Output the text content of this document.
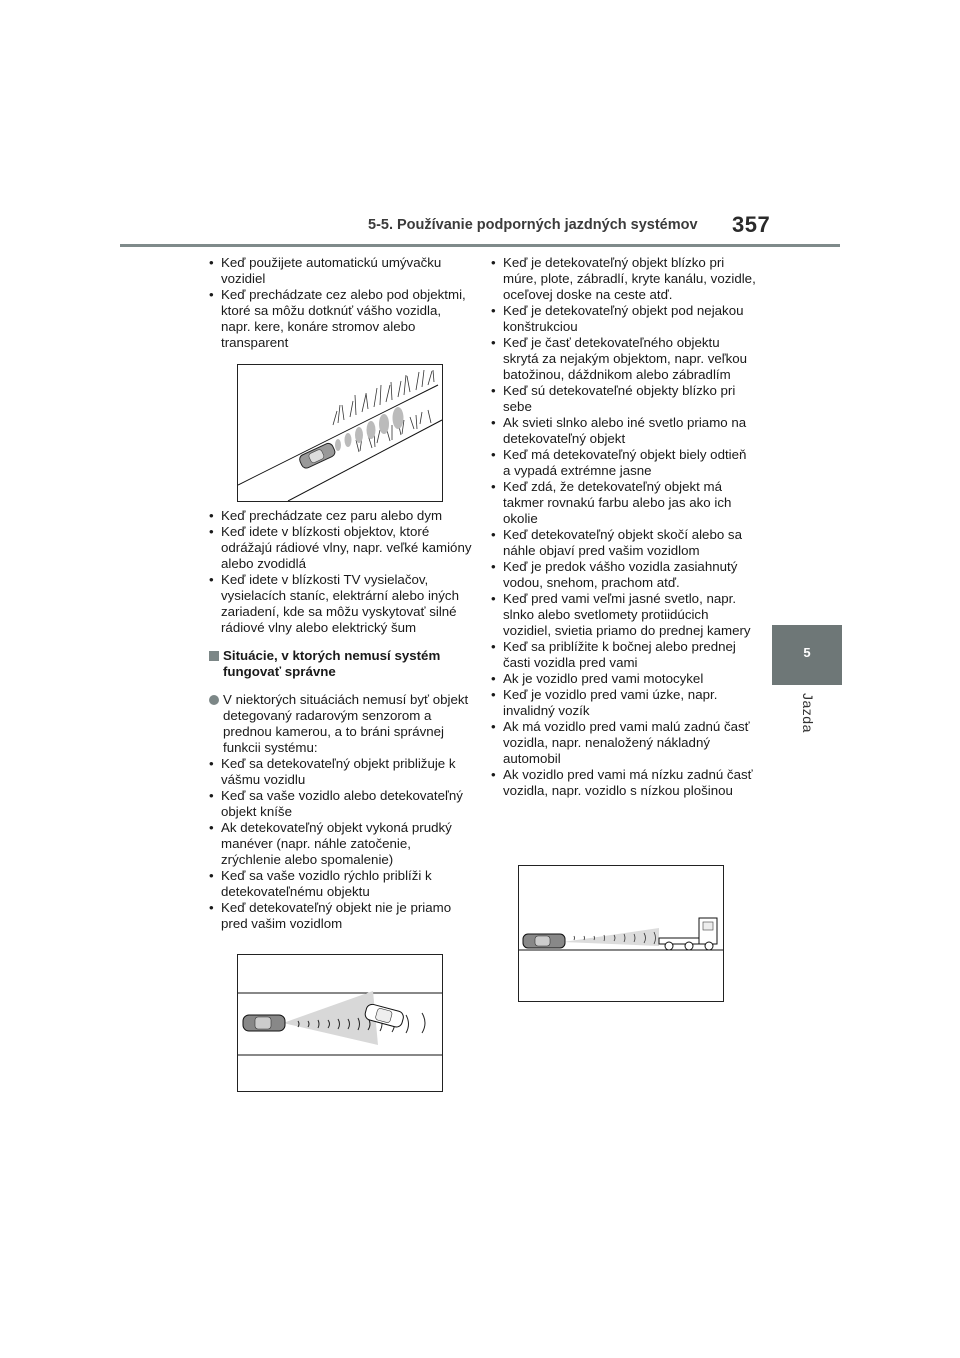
5-5. Používanie podporných jazdných systémov 357
5
Jazda
• Keď použijete automatickú umývačku vozidiel
• Keď prechádzate cez alebo pod objektmi, ktoré sa môžu dotknúť vášho vozidla, napr. kere, konáre stromov alebo transparent
• Keď prechádzate cez paru alebo dym
• Keď idete v blízkosti objektov, ktoré odrážajú rádiové vlny, napr. veľké kamióny alebo zvodidlá
• Keď idete v blízkosti TV vysielačov, vysielacích staníc, elektrární alebo iných zariadení, kde sa môžu vyskytovať silné rádiové vlny alebo elektrický šum
Situácie, v ktorých nemusí systém fungovať správne
V niektorých situáciách nemusí byť objekt detegovaný radarovým senzorom a prednou kamerou, a to bráni správnej funkcii systému:
• Keď sa detekovateľný objekt približuje k vášmu vozidlu
• Keď sa vaše vozidlo alebo detekovateľný objekt kníše
• Ak detekovateľný objekt vykoná prudký manéver (napr. náhle zatočenie, zrýchlenie alebo spomalenie)
• Keď sa vaše vozidlo rýchlo priblíži k detekovateľnému objektu
• Keď detekovateľný objekt nie je priamo pred vašim vozidlom
• Keď je detekovateľný objekt blízko pri múre, plote, zábradlí, kryte kanálu, vozidle, oceľovej doske na ceste atď.
• Keď je detekovateľný objekt pod nejakou konštrukciou
• Keď je časť detekovateľného objektu skrytá za nejakým objektom, napr. veľkou batožinou, dáždnikom alebo zábradlím
• Keď sú detekovateľné objekty blízko pri sebe
• Ak svieti slnko alebo iné svetlo priamo na detekovateľný objekt
• Keď má detekovateľný objekt biely odtieň a vypadá extrémne jasne
• Keď zdá, že detekovateľný objekt má takmer rovnakú farbu alebo jas ako ich okolie
• Keď detekovateľný objekt skočí alebo sa náhle objaví pred vašim vozidlom
• Keď je predok vášho vozidla zasiahnutý vodou, snehom, prachom atď.
• Keď pred vami veľmi jasné svetlo, napr. slnko alebo svetlomety protiidúcich vozidiel, svietia priamo do prednej kamery
• Keď sa priblížite k bočnej alebo prednej časti vozidla pred vami
• Ak je vozidlo pred vami motocykel
• Keď je vozidlo pred vami úzke, napr. invalidný vozík
• Ak má vozidlo pred vami malú zadnú časť vozidla, napr. nenaložený nákladný automobil
• Ak vozidlo pred vami má nízku zadnú časť vozidla, napr. vozidlo s nízkou plošinou
